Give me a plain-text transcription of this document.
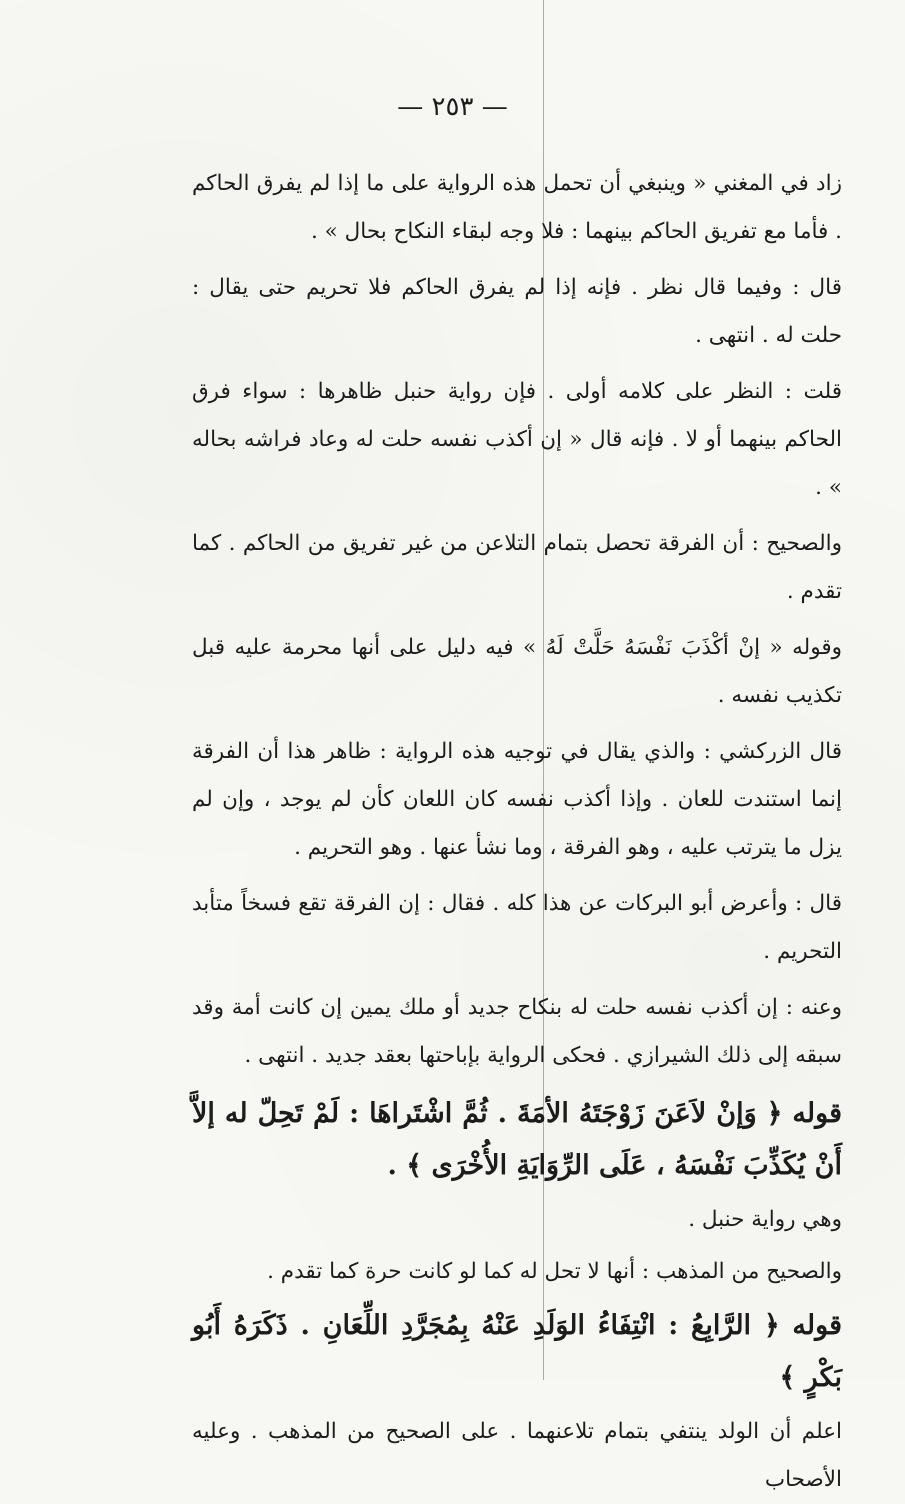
— ٢٥٣ —

زاد في المغني « وينبغي أن تحمل هذه الرواية على ما إذا لم يفرق الحاكم . فأما مع تفريق الحاكم بينهما : فلا وجه لبقاء النكاح بحال » .

قال : وفيما قال نظر . فإنه إذا لم يفرق الحاكم فلا تحريم حتى يقال : حلت له . انتهى .

قلت : النظر على كلامه أولى . فإن رواية حنبل ظاهرها : سواء فرق الحاكم بينهما أو لا . فإنه قال « إن أكذب نفسه حلت له وعاد فراشه بحاله » .

والصحيح : أن الفرقة تحصل بتمام التلاعن من غير تفريق من الحاكم . كما تقدم .

وقوله « إنْ أكْذَبَ نَفْسَهُ حَلَّتْ لَهُ » فيه دليل على أنها محرمة عليه قبل تكذيب نفسه .

قال الزركشي : والذي يقال في توجيه هذه الرواية : ظاهر هذا أن الفرقة إنما استندت للعان . وإذا أكذب نفسه كان اللعان كأن لم يوجد ، وإن لم يزل ما يترتب عليه ، وهو الفرقة ، وما نشأ عنها . وهو التحريم .

قال : وأعرض أبو البركات عن هذا كله . فقال : إن الفرقة تقع فسخاً متأبد التحريم .

وعنه : إن أكذب نفسه حلت له بنكاح جديد أو ملك يمين إن كانت أمة وقد سبقه إلى ذلك الشيرازي . فحكى الرواية بإباحتها بعقد جديد . انتهى .

قوله ﴿ وَإنْ لاَعَنَ زَوْجَتَهُ الأمَةَ . ثُمَّ اشْتَراهَا : لَمْ تَحِلّ له إلاَّ أَنْ يُكَذِّبَ نَفْسَهُ ، عَلَى الرِّوَايَةِ الأُخْرَى ﴾ .

وهي رواية حنبل .

والصحيح من المذهب : أنها لا تحل له كما لو كانت حرة كما تقدم .

قوله ﴿ الرَّابِعُ : انْتِفَاءُ الوَلَدِ عَنْهُ بِمُجَرَّدِ اللِّعَانِ . ذَكَرَهُ أَبُو بَكْرٍ ﴾

اعلم أن الولد ينتفي بتمام تلاعنهما . على الصحيح من المذهب . وعليه الأصحاب
